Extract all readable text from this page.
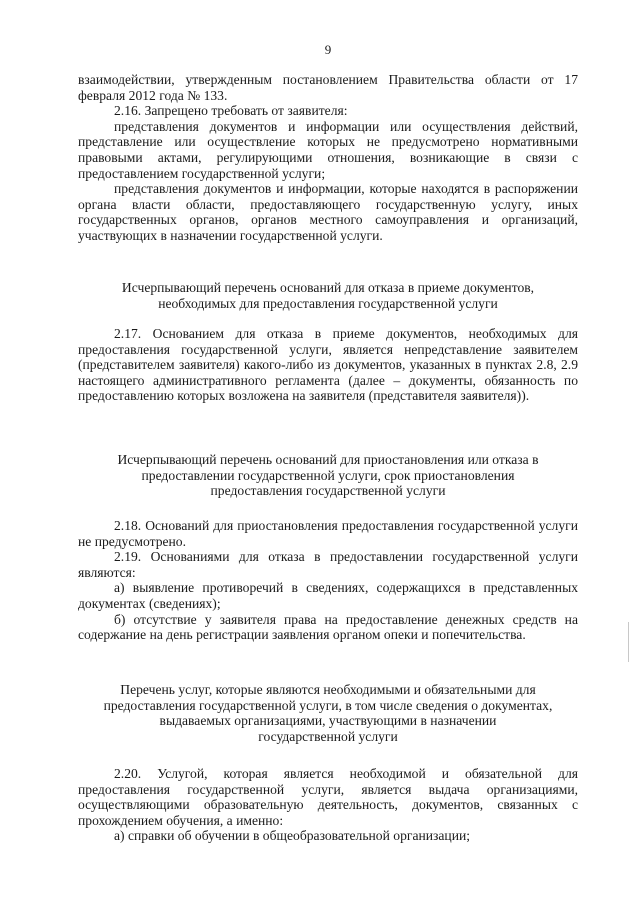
9

взаимодействии, утвержденным постановлением Правительства области от 17 февраля 2012 года № 133.

2.16. Запрещено требовать от заявителя:

представления документов и информации или осуществления действий, представление или осуществление которых не предусмотрено нормативными правовыми актами, регулирующими отношения, возникающие в связи с предоставлением государственной услуги;

представления документов и информации, которые находятся в распоряжении органа власти области, предоставляющего государственную услугу, иных государственных органов, органов местного самоуправления и организаций, участвующих в назначении государственной услуги.

Исчерпывающий перечень оснований для отказа в приеме документов,
необходимых для предоставления государственной услуги

2.17. Основанием для отказа в приеме документов, необходимых для предоставления государственной услуги, является непредставление заявителем (представителем заявителя) какого-либо из документов, указанных в пунктах 2.8, 2.9 настоящего административного регламента (далее – документы, обязанность по предоставлению которых возложена на заявителя (представителя заявителя)).

Исчерпывающий перечень оснований для приостановления или отказа в
предоставлении государственной услуги, срок приостановления
предоставления государственной услуги

2.18. Оснований для приостановления предоставления государственной услуги не предусмотрено.

2.19. Основаниями для отказа в предоставлении государственной услуги являются:

а) выявление противоречий в сведениях, содержащихся в представленных документах (сведениях);

б) отсутствие у заявителя права на предоставление денежных средств на содержание на день регистрации заявления органом опеки и попечительства.

Перечень услуг, которые являются необходимыми и обязательными для
предоставления государственной услуги, в том числе сведения о документах,
выдаваемых организациями, участвующими в назначении
государственной услуги

2.20. Услугой, которая является необходимой и обязательной для предоставления государственной услуги, является выдача организациями, осуществляющими образовательную деятельность, документов, связанных с прохождением обучения, а именно:

а) справки об обучении в общеобразовательной организации;
